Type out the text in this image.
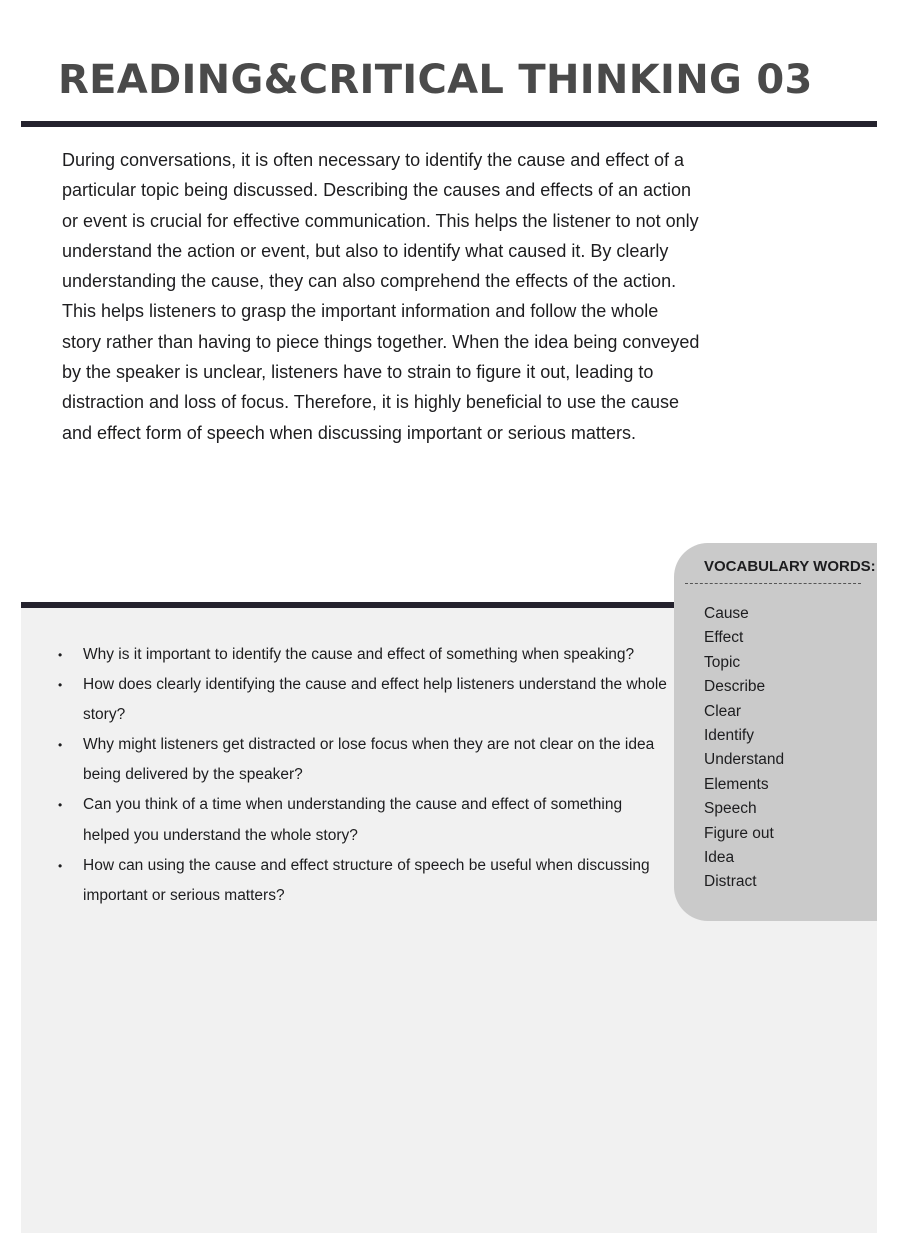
READING&CRITICAL THINKING 03

During conversations, it is often necessary to identify the cause and effect of a particular topic being discussed. Describing the causes and effects of an action or event is crucial for effective communication. This helps the listener to not only understand the action or event, but also to identify what caused it. By clearly understanding the cause, they can also comprehend the effects of the action. This helps listeners to grasp the important information and follow the whole story rather than having to piece things together. When the idea being conveyed by the speaker is unclear, listeners have to strain to figure it out, leading to distraction and loss of focus. Therefore, it is highly beneficial to use the cause and effect form of speech when discussing important or serious matters.

• Why is it important to identify the cause and effect of something when speaking?
• How does clearly identifying the cause and effect help listeners understand the whole story?
• Why might listeners get distracted or lose focus when they are not clear on the idea being delivered by the speaker?
• Can you think of a time when understanding the cause and effect of something helped you understand the whole story?
• How can using the cause and effect structure of speech be useful when discussing important or serious matters?
VOCABULARY WORDS:
Cause
Effect
Topic
Describe
Clear
Identify
Understand
Elements
Speech
Figure out
Idea
Distract
